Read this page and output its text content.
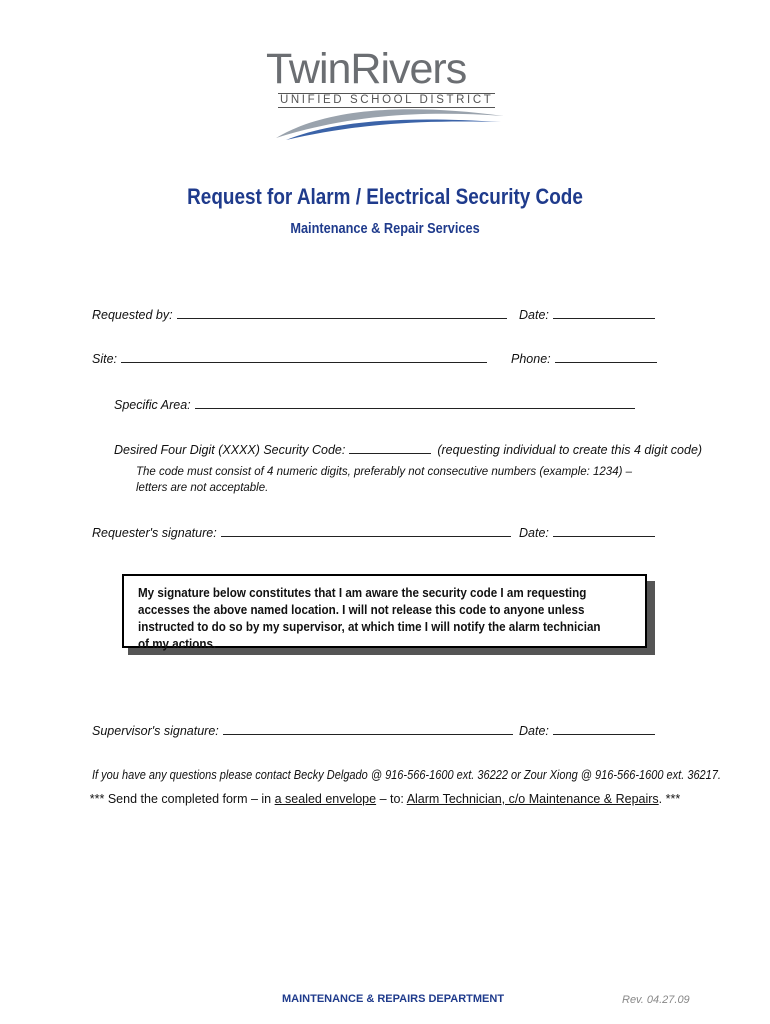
TwinRivers
UNIFIED SCHOOL DISTRICT
Request for Alarm / Electrical Security Code
Maintenance & Repair Services
Requested by:	Date:
Site:	Phone:
Specific Area:
Desired Four Digit (XXXX) Security Code:	(requesting individual to create this 4 digit code)
The code must consist of 4 numeric digits, preferably not consecutive numbers (example: 1234) – letters are not acceptable.
Requester's signature:	Date:
My signature below constitutes that I am aware the security code I am requesting accesses the above named location. I will not release this code to anyone unless instructed to do so by my supervisor, at which time I will notify the alarm technician of my actions.
Supervisor's signature:	Date:
If you have any questions please contact Becky Delgado @ 916-566-1600 ext. 36222 or Zour Xiong @ 916-566-1600 ext. 36217.
*** Send the completed form – in a sealed envelope – to: Alarm Technician, c/o Maintenance & Repairs. ***
MAINTENANCE & REPAIRS DEPARTMENT	Rev. 04.27.09
